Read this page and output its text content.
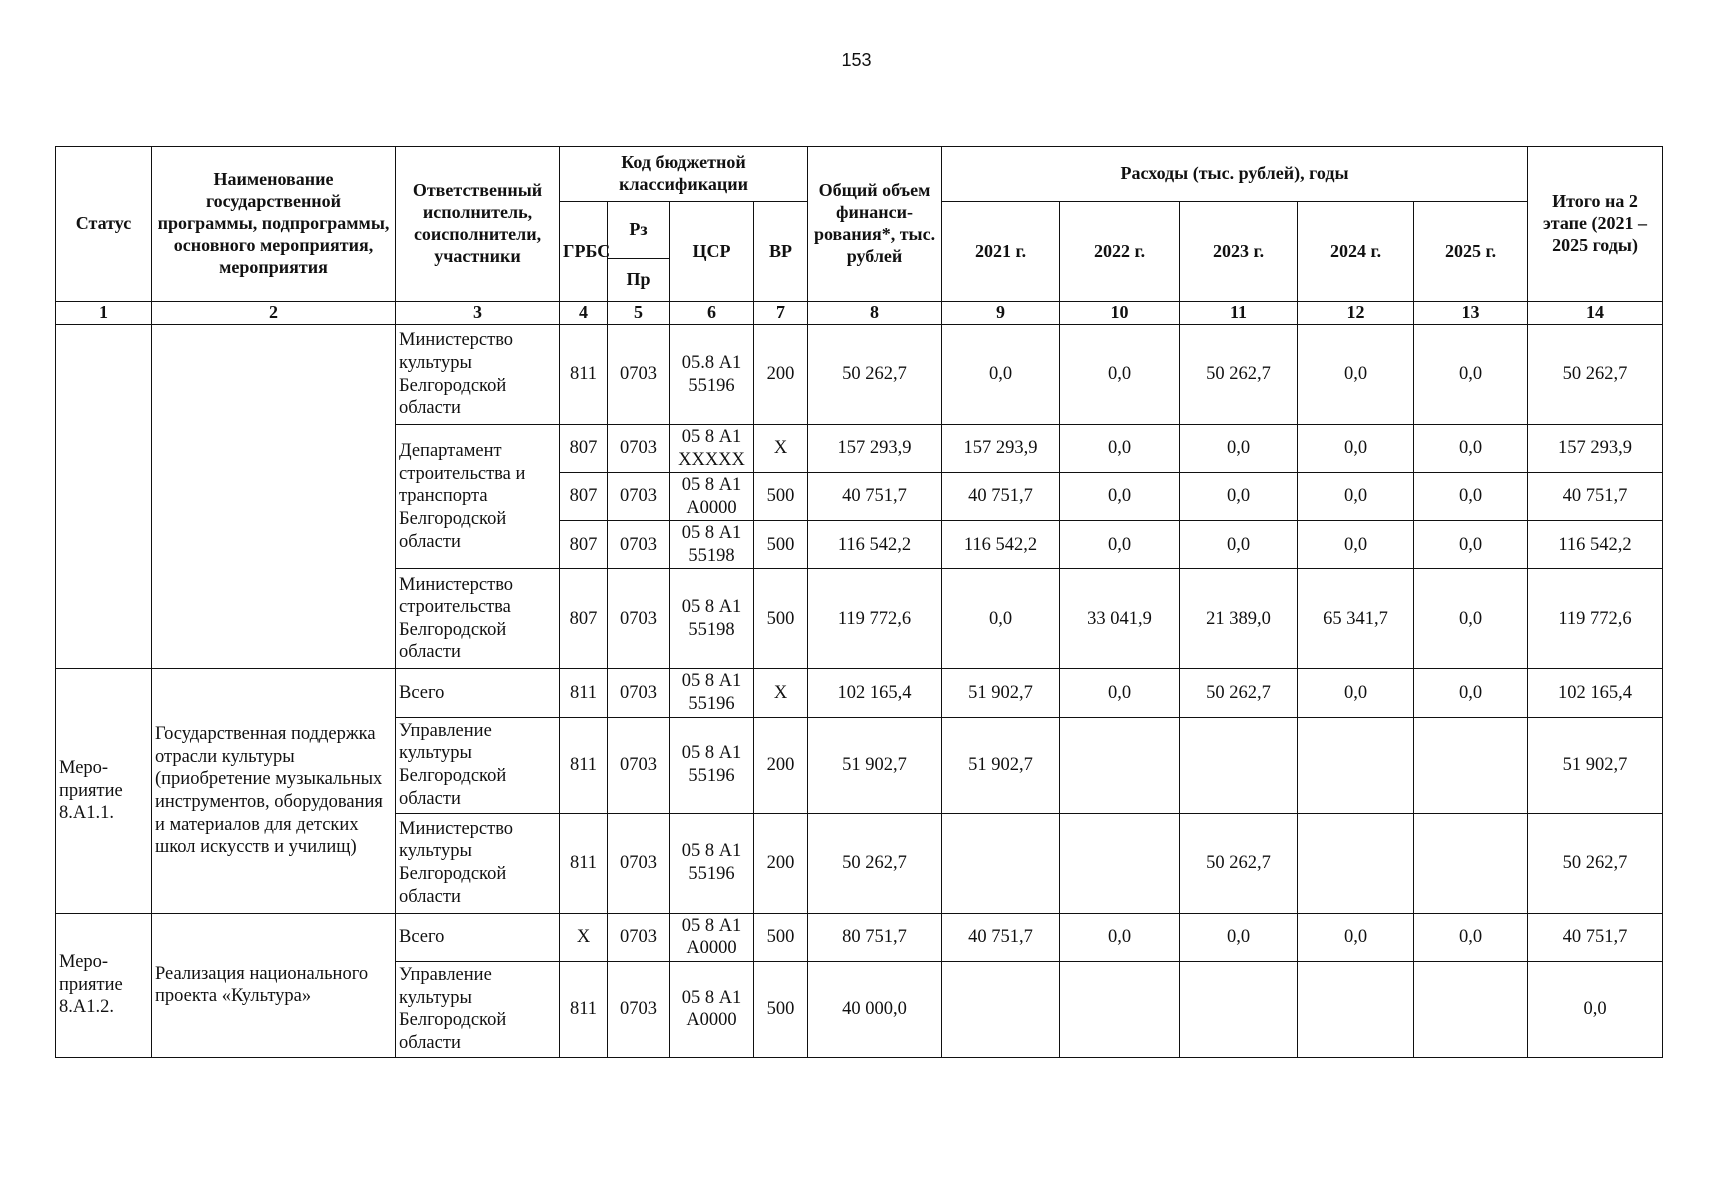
153
Статус	Наименование государственной программы, подпрограммы, основного мероприятия, мероприятия	Ответственный исполнитель, соисполнители, участники	Код бюджетной классификации				Общий объем финанси-рования*, тыс. рублей	Расходы (тыс. рублей), годы					Итого на 2 этапе (2021 – 2025 годы)
			ГРБС	Рз	ЦСР	ВР		2021 г.	2022 г.	2023 г.	2024 г.	2025 г.	
				Пр									
1	2	3	4	5	6	7	8	9	10	11	12	13	14
		Министерство культуры Белгородской области	811	0703	05.8 А1 55196	200	50 262,7	0,0	0,0	50 262,7	0,0	0,0	50 262,7
		Департамент строительства и транспорта Белгородской области	807	0703	05 8 А1 ХХХХХ	Х	157 293,9	157 293,9	0,0	0,0	0,0	0,0	157 293,9
			807	0703	05 8 А1 А0000	500	40 751,7	40 751,7	0,0	0,0	0,0	0,0	40 751,7
			807	0703	05 8 А1 55198	500	116 542,2	116 542,2	0,0	0,0	0,0	0,0	116 542,2
		Министерство строительства Белгородской области	807	0703	05 8 А1 55198	500	119 772,6	0,0	33 041,9	21 389,0	65 341,7	0,0	119 772,6
Меро-приятие 8.А1.1.	Государственная поддержка отрасли культуры (приобретение музыкальных инструментов, оборудования и материалов для детских школ искусств и училищ)	Всего	811	0703	05 8 А1 55196	Х	102 165,4	51 902,7	0,0	50 262,7	0,0	0,0	102 165,4
		Управление культуры Белгородской области	811	0703	05 8 А1 55196	200	51 902,7	51 902,7					51 902,7
		Министерство культуры Белгородской области	811	0703	05 8 А1 55196	200	50 262,7			50 262,7			50 262,7
Меро-приятие 8.А1.2.	Реализация национального проекта «Культура»	Всего	Х	0703	05 8 А1 А0000	500	80 751,7	40 751,7	0,0	0,0	0,0	0,0	40 751,7
		Управление культуры Белгородской области	811	0703	05 8 А1 А0000	500	40 000,0						0,0
